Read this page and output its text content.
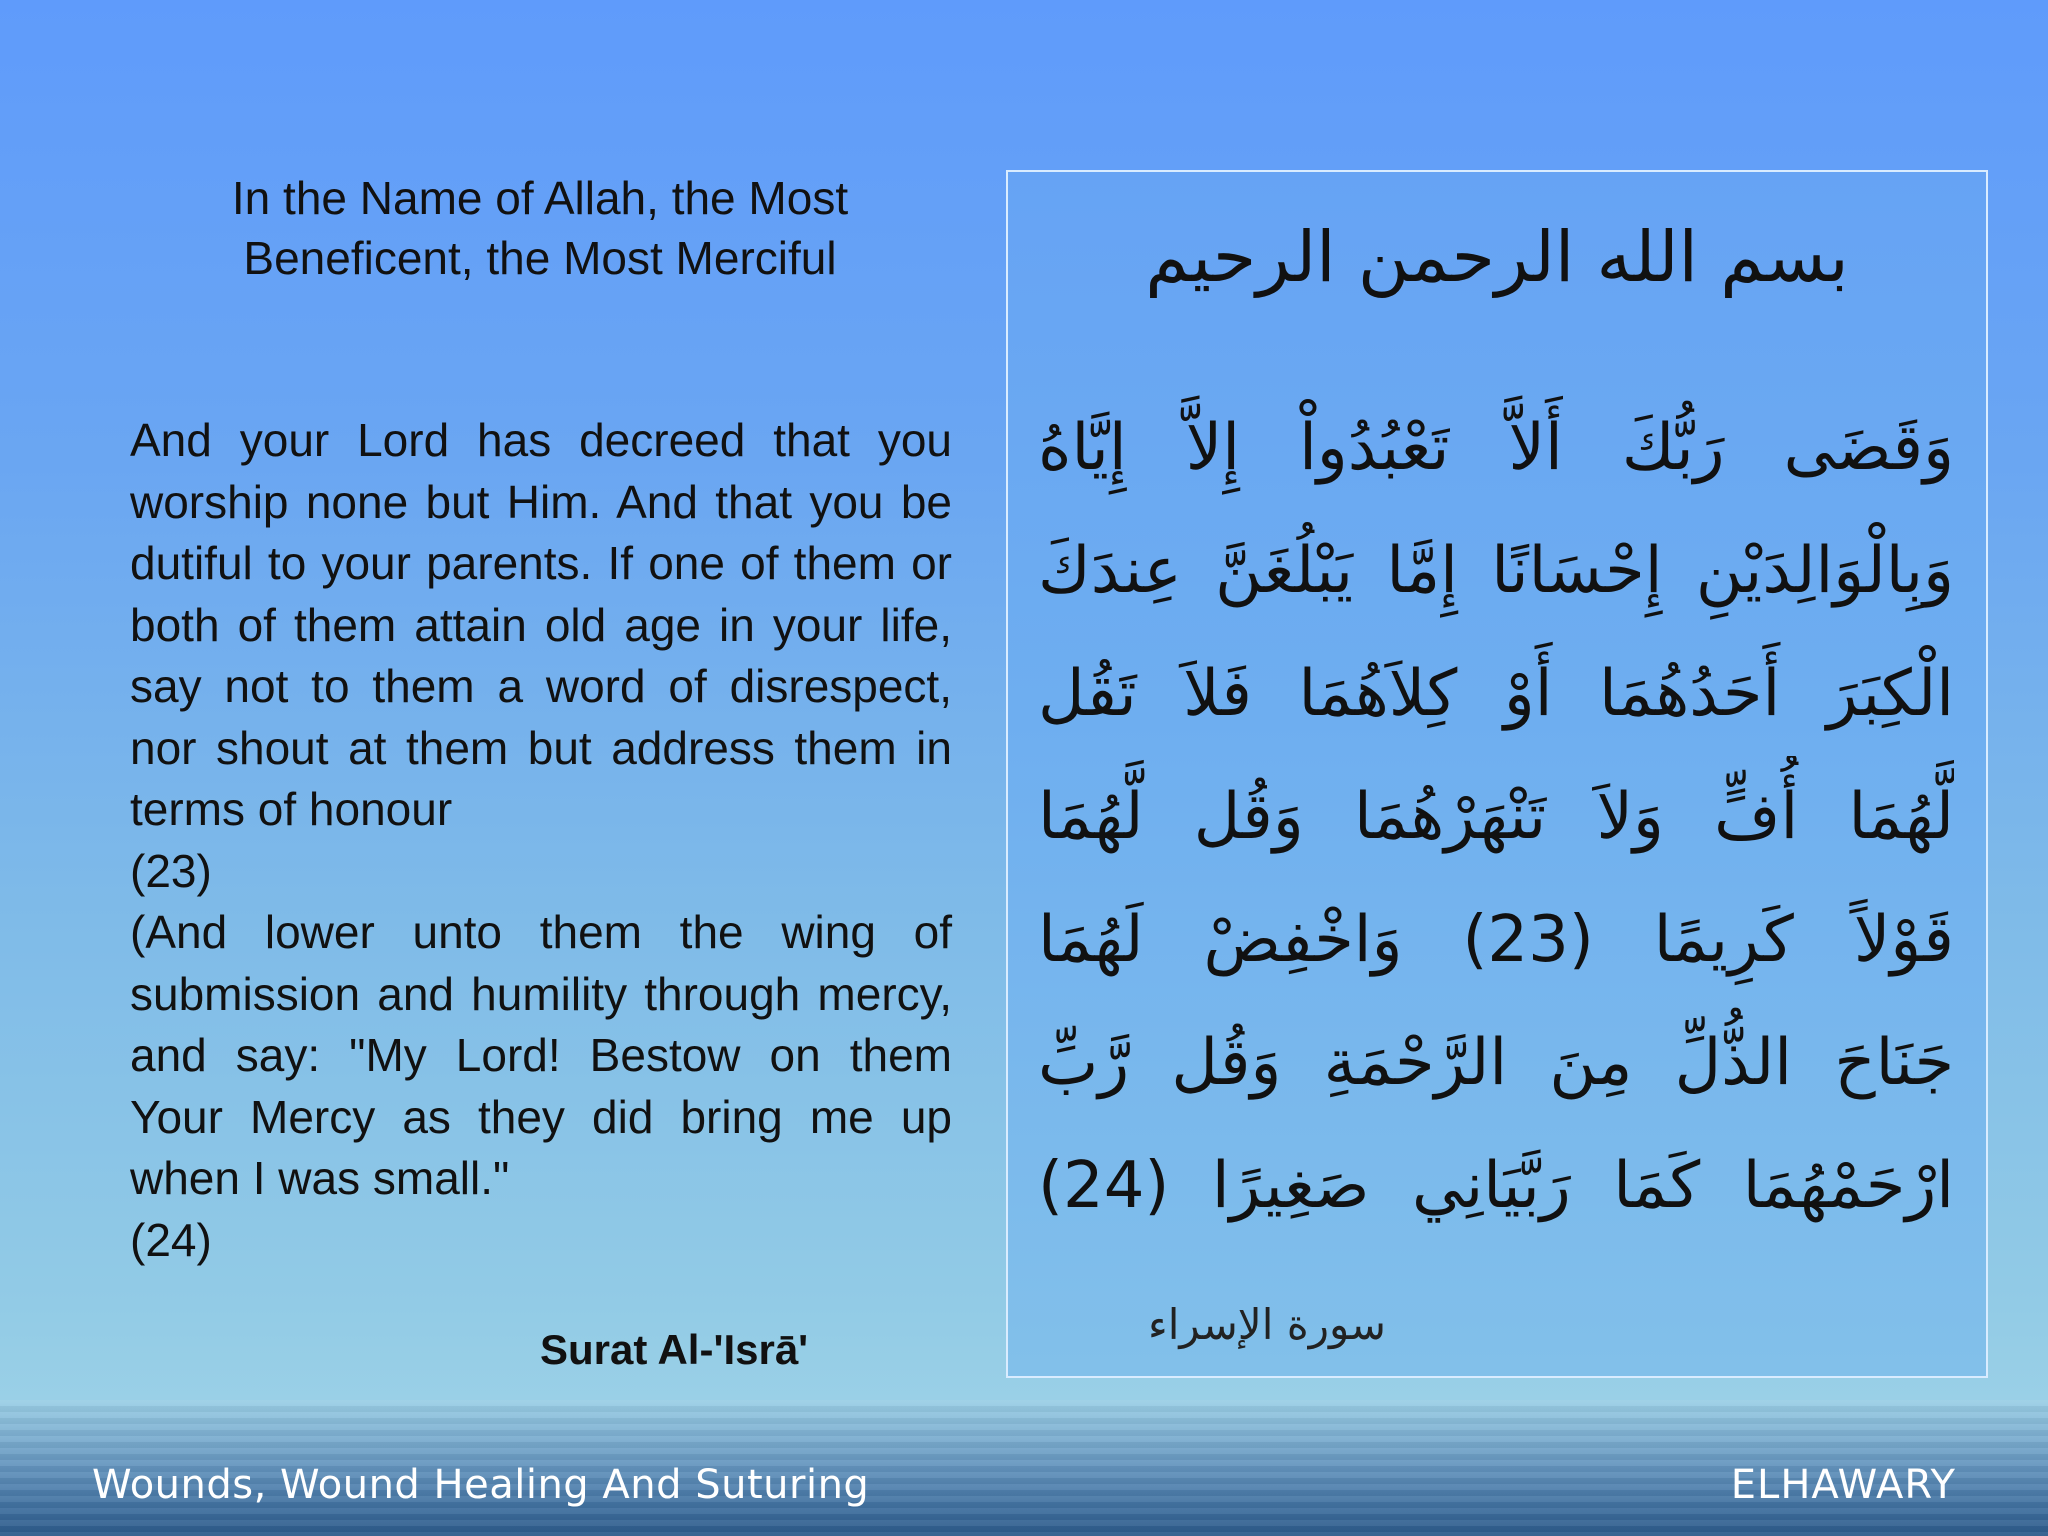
In the Name of Allah, the Most
Beneficent, the Most Merciful

And your Lord has decreed that you worship none but Him. And that you be dutiful to your parents. If one of them or both of them attain old age in your life, say not to them a word of disrespect, nor shout at them but address them in terms of honour

(23)

(And lower unto them the wing of submission and humility through mercy, and say: "My Lord! Bestow on them Your Mercy as they did bring me up when I was small."

(24)

Surat Al-'Isrā'
بسم الله الرحمن الرحيم
وَقَضَى رَبُّكَ أَلاَّ تَعْبُدُواْ إِلاَّ إِيَّاهُ
وَبِالْوَالِدَيْنِ إِحْسَانًا إِمَّا يَبْلُغَنَّ عِندَكَ
الْكِبَرَ أَحَدُهُمَا أَوْ كِلاَهُمَا فَلاَ تَقُل
لَّهُمَا أُفٍّ وَلاَ تَنْهَرْهُمَا وَقُل لَّهُمَا
قَوْلاً كَرِيمًا (23) وَاخْفِضْ لَهُمَا
جَنَاحَ الذُّلِّ مِنَ الرَّحْمَةِ وَقُل رَّبِّ
ارْحَمْهُمَا كَمَا رَبَّيَانِي صَغِيرًا (24)
سورة الإسراء
Wounds, Wound Healing And Suturing	ELHAWARY
